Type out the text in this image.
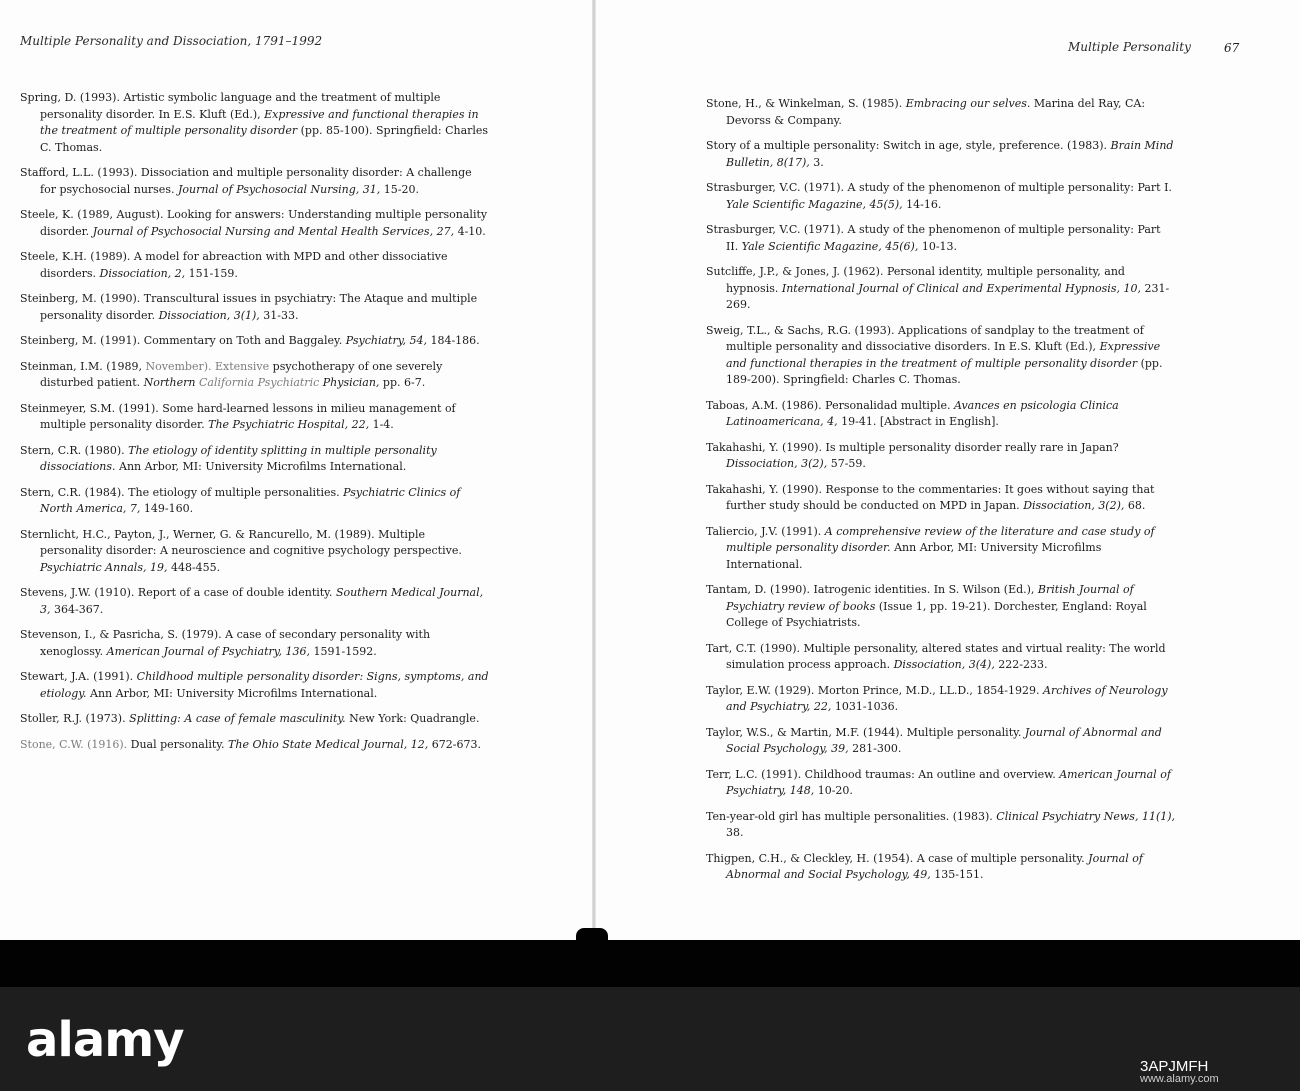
Multiple Personality and Dissociation, 1791–1992
Spring, D. (1993). Artistic symbolic language and the treatment of multiple personality disorder. In E.S. Kluft (Ed.), Expressive and functional therapies in the treatment of multiple personality disorder (pp. 85-100). Springfield: Charles C. Thomas.
Stafford, L.L. (1993). Dissociation and multiple personality disorder: A challenge for psychosocial nurses. Journal of Psychosocial Nursing, 31, 15-20.
Steele, K. (1989, August). Looking for answers: Understanding multiple personality disorder. Journal of Psychosocial Nursing and Mental Health Services, 27, 4-10.
Steele, K.H. (1989). A model for abreaction with MPD and other dissociative disorders. Dissociation, 2, 151-159.
Steinberg, M. (1990). Transcultural issues in psychiatry: The Ataque and multiple personality disorder. Dissociation, 3(1), 31-33.
Steinberg, M. (1991). Commentary on Toth and Baggaley. Psychiatry, 54, 184-186.
Steinman, I.M. (1989, November). Extensive psychotherapy of one severely disturbed patient. Northern California Psychiatric Physician, pp. 6-7.
Steinmeyer, S.M. (1991). Some hard-learned lessons in milieu management of multiple personality disorder. The Psychiatric Hospital, 22, 1-4.
Stern, C.R. (1980). The etiology of identity splitting in multiple personality dissociations. Ann Arbor, MI: University Microfilms International.
Stern, C.R. (1984). The etiology of multiple personalities. Psychiatric Clinics of North America, 7, 149-160.
Sternlicht, H.C., Payton, J., Werner, G. & Rancurello, M. (1989). Multiple personality disorder: A neuroscience and cognitive psychology perspective. Psychiatric Annals, 19, 448-455.
Stevens, J.W. (1910). Report of a case of double identity. Southern Medical Journal, 3, 364-367.
Stevenson, I., & Pasricha, S. (1979). A case of secondary personality with xenoglossy. American Journal of Psychiatry, 136, 1591-1592.
Stewart, J.A. (1991). Childhood multiple personality disorder: Signs, symptoms, and etiology. Ann Arbor, MI: University Microfilms International.
Stoller, R.J. (1973). Splitting: A case of female masculinity. New York: Quadrangle.
Stone, C.W. (1916). Dual personality. The Ohio State Medical Journal, 12, 672-673.
Multiple Personality	67
Stone, H., & Winkelman, S. (1985). Embracing our selves. Marina del Ray, CA: Devorss & Company.
Story of a multiple personality: Switch in age, style, preference. (1983). Brain Mind Bulletin, 8(17), 3.
Strasburger, V.C. (1971). A study of the phenomenon of multiple personality: Part I. Yale Scientific Magazine, 45(5), 14-16.
Strasburger, V.C. (1971). A study of the phenomenon of multiple personality: Part II. Yale Scientific Magazine, 45(6), 10-13.
Sutcliffe, J.P., & Jones, J. (1962). Personal identity, multiple personality, and hypnosis. International Journal of Clinical and Experimental Hypnosis, 10, 231-269.
Sweig, T.L., & Sachs, R.G. (1993). Applications of sandplay to the treatment of multiple personality and dissociative disorders. In E.S. Kluft (Ed.), Expressive and functional therapies in the treatment of multiple personality disorder (pp. 189-200). Springfield: Charles C. Thomas.
Taboas, A.M. (1986). Personalidad multiple. Avances en psicologia Clinica Latinoamericana, 4, 19-41. [Abstract in English].
Takahashi, Y. (1990). Is multiple personality disorder really rare in Japan? Dissociation, 3(2), 57-59.
Takahashi, Y. (1990). Response to the commentaries: It goes without saying that further study should be conducted on MPD in Japan. Dissociation, 3(2), 68.
Taliercio, J.V. (1991). A comprehensive review of the literature and case study of multiple personality disorder. Ann Arbor, MI: University Microfilms International.
Tantam, D. (1990). Iatrogenic identities. In S. Wilson (Ed.), British Journal of Psychiatry review of books (Issue 1, pp. 19-21). Dorchester, England: Royal College of Psychiatrists.
Tart, C.T. (1990). Multiple personality, altered states and virtual reality: The world simulation process approach. Dissociation, 3(4), 222-233.
Taylor, E.W. (1929). Morton Prince, M.D., LL.D., 1854-1929. Archives of Neurology and Psychiatry, 22, 1031-1036.
Taylor, W.S., & Martin, M.F. (1944). Multiple personality. Journal of Abnormal and Social Psychology, 39, 281-300.
Terr, L.C. (1991). Childhood traumas: An outline and overview. American Journal of Psychiatry, 148, 10-20.
Ten-year-old girl has multiple personalities. (1983). Clinical Psychiatry News, 11(1), 38.
Thigpen, C.H., & Cleckley, H. (1954). A case of multiple personality. Journal of Abnormal and Social Psychology, 49, 135-151.
alamy	3APJMFH
www.alamy.com
